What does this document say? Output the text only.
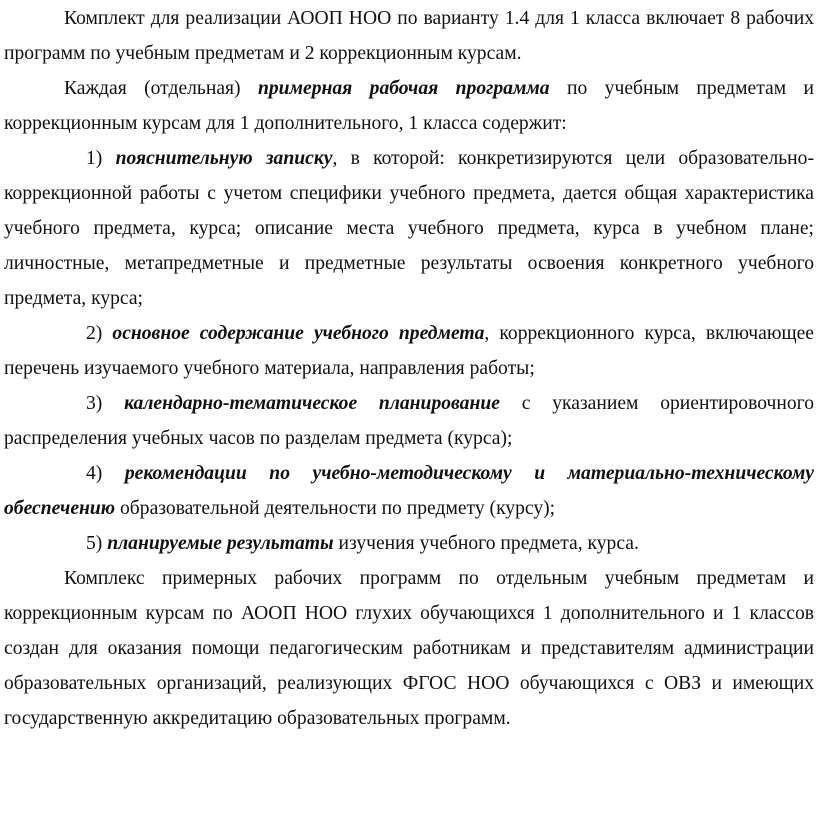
Комплект для реализации АООП НОО по варианту 1.4 для 1 класса включает 8 рабочих
программ по учебным предметам и 2 коррекционным курсам.
Каждая (отдельная) примерная рабочая программа по учебным предметам и
коррекционным курсам для 1 дополнительного, 1 класса содержит:
1) пояснительную записку, в которой: конкретизируются цели образовательно-
коррекционной работы с учетом специфики учебного предмета, дается общая характеристика
учебного предмета, курса; описание места учебного предмета, курса в учебном плане;
личностные, метапредметные и предметные результаты освоения конкретного учебного
предмета, курса;
2) основное содержание учебного предмета, коррекционного курса, включающее
перечень изучаемого учебного материала, направления работы;
3) календарно-тематическое планирование с указанием ориентировочного
распределения учебных часов по разделам предмета (курса);
4) рекомендации по учебно-методическому и материально-техническому
обеспечению образовательной деятельности по предмету (курсу);
5) планируемые результаты изучения учебного предмета, курса.
Комплекс примерных рабочих программ по отдельным учебным предметам и
коррекционным курсам по АООП НОО глухих обучающихся 1 дополнительного и 1 классов
создан для оказания помощи педагогическим работникам и представителям администрации
образовательных организаций, реализующих ФГОС НОО обучающихся с ОВЗ и имеющих
государственную аккредитацию образовательных программ.
